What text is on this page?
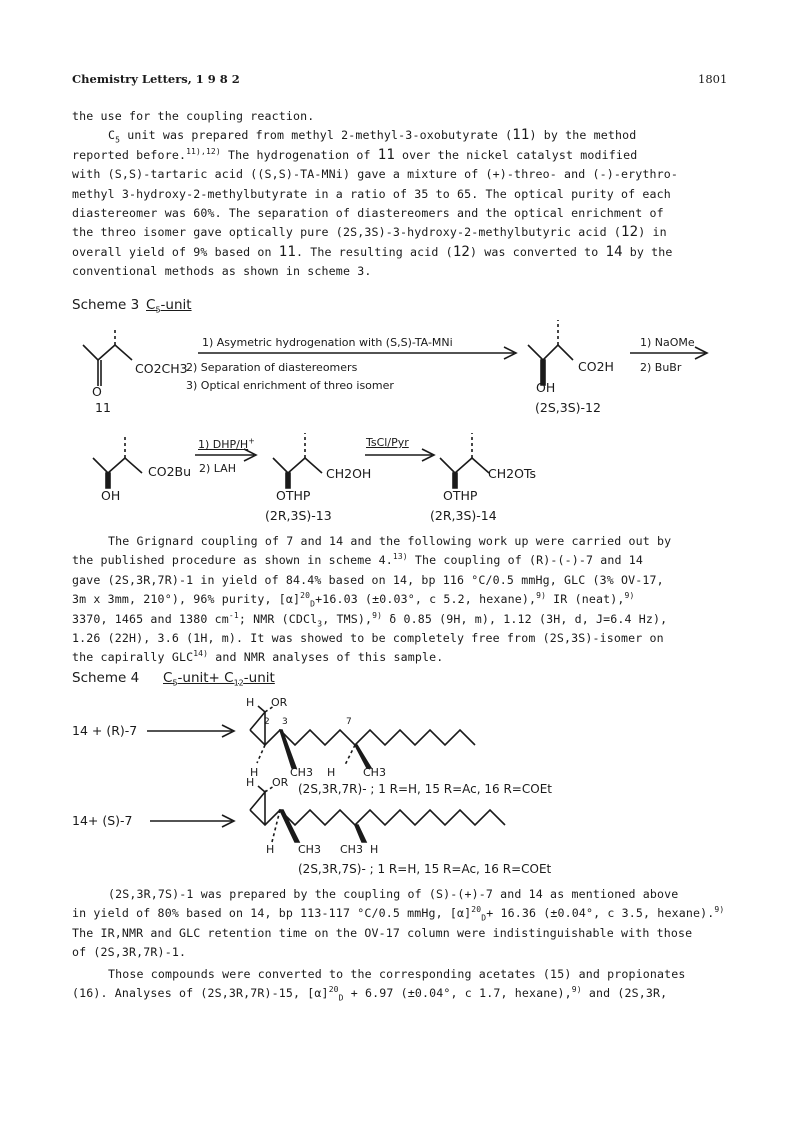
Chemistry Letters, 1 9 8 2	1801
the use for the coupling reaction.
$C_5$ unit was prepared from methyl 2-methyl-3-oxobutyrate (11) by the method
reported before.$^{11),12)}$ The hydrogenation of 11 over the nickel catalyst modified
with (S,S)-tartaric acid ((S,S)-TA-MNi) gave a mixture of (+)-threo- and (-)-erythro-
methyl 3-hydroxy-2-methylbutyrate in a ratio of 35 to 65. The optical purity of each
diastereomer was 60%. The separation of diastereomers and the optical enrichment of
the threo isomer gave optically pure (2S,3S)-3-hydroxy-2-methylbutyric acid (12) in
overall yield of 9% based on 11. The resulting acid (12) was converted to 14 by the
conventional methods as shown in scheme 3.
Scheme 3 $C_5$-unit
1) Asymetric hydrogenation with (S,S)-TA-MNi
2) Separation of diastereomers
3) Optical enrichment of threo isomer
CO2CH3
O
11
CO2H
OH
(2S,3S)-12
1) NaOMe
2) BuBr
CO2Bu
OH
1) DHP/H+
2) LAH	CH2OH
OTHP
(2R,3S)-13
TsCl/Pyr
CH2OTs
OTHP
(2R,3S)-14
The Grignard coupling of 7 and 14 and the following work up were carried out by
the published procedure as shown in scheme 4.$^{13)}$ The coupling of (R)-(-)-7 and 14
gave (2S,3R,7R)-1 in yield of 84.4% based on 14, bp 116 °C/0.5 mmHg, GLC (3% OV-17,
3m x 3mm, 210°), 96% purity, $[\alpha]^{20}_D+16.03$ (±0.03°, c 5.2, hexane),$^{9)}$ IR (neat),$^{9)}$
3370, 1465 and 1380 $cm^{-1}$; NMR (CDCl$_3$, TMS),$^{9)}$ δ 0.85 (9H, m), 1.12 (3H, d, J=6.4 Hz),
1.26 (22H), 3.6 (1H, m). It was showed to be completely free from (2S,3S)-isomer on
the capirally GLC$^{14)}$ and NMR analyses of this sample.
Scheme 4 $C_5-unit+$ $C_{12}$-unit
14 + (R)-7
14+ (S)-7
H OR
2 3	7
H	CH3 H	CH3
(2S,3R,7R)- ; 1 R=H, 15 R=Ac, 16 R=COEt
H OR
H CH3 CH3 H
(2S,3R,7S)- ; 1 R=H, 15 R=Ac, 16 R=COEt
(2S,3R,7S)-1 was prepared by the coupling of (S)-(+)-7 and 14 as mentioned above
in yield of 80% based on 14, bp 113-117 °C/0.5 mmHg, $[\alpha]^{20}_D+ 16.36$ (±0.04°, c 3.5, hexane).$^{9)}$
The IR,NMR and GLC retention time on the OV-17 column were indistinguishable with those
of (2S,3R,7R)-1.
Those compounds were converted to the corresponding acetates (15) and propionates
(16). Analyses of (2S,3R,7R)-15, $[\alpha]^{20}_D + 6.97$ (±0.04°, c 1.7, hexane),$^{9)}$ and (2S,3R,
